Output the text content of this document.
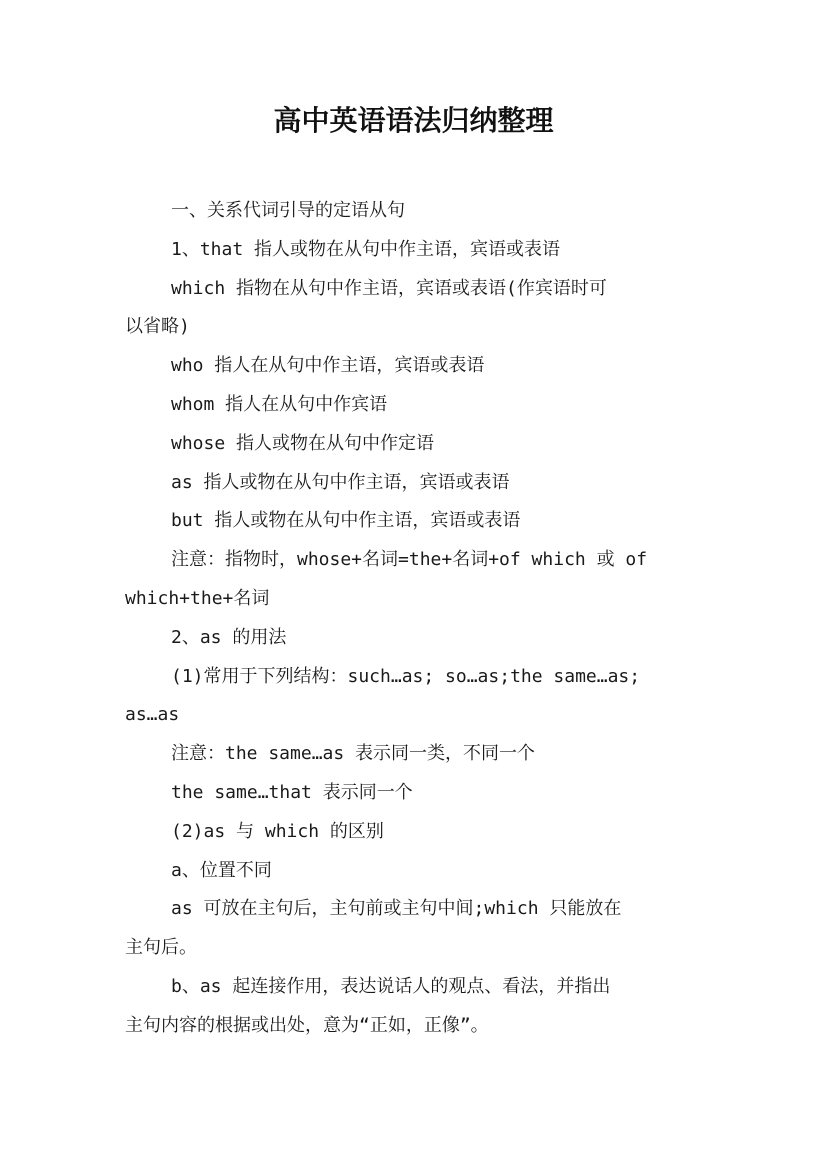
高中英语语法归纳整理
一、关系代词引导的定语从句
1、that 指人或物在从句中作主语，宾语或表语
which 指物在从句中作主语，宾语或表语(作宾语时可
以省略)
who 指人在从句中作主语，宾语或表语
whom 指人在从句中作宾语
whose 指人或物在从句中作定语
as 指人或物在从句中作主语，宾语或表语
but 指人或物在从句中作主语，宾语或表语
注意：指物时，whose+名词=the+名词+of which 或 of
which+the+名词
2、as 的用法
(1)常用于下列结构：such…as; so…as;the same…as;
as…as
注意：the same…as 表示同一类，不同一个
the same…that 表示同一个
(2)as 与 which 的区别
a、位置不同
as 可放在主句后，主句前或主句中间;which 只能放在
主句后。
b、as 起连接作用，表达说话人的观点、看法，并指出
主句内容的根据或出处，意为“正如，正像”。
